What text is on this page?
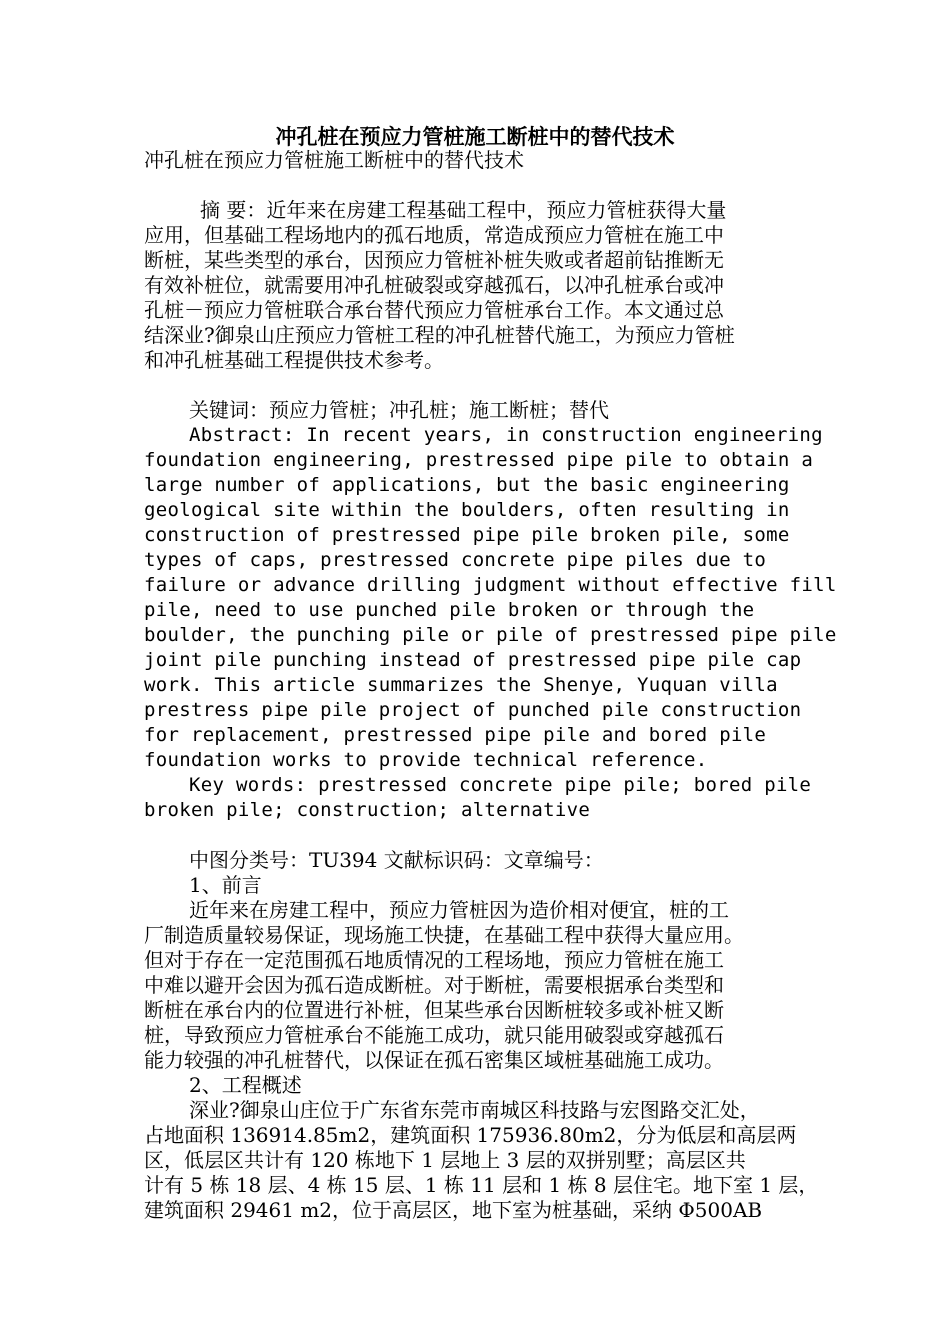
冲孔桩在预应力管桩施工断桩中的替代技术
冲孔桩在预应力管桩施工断桩中的替代技术
摘 要：近年来在房建工程基础工程中，预应力管桩获得大量
应用，但基础工程场地内的孤石地质，常造成预应力管桩在施工中
断桩，某些类型的承台，因预应力管桩补桩失败或者超前钻推断无
有效补桩位，就需要用冲孔桩破裂或穿越孤石，以冲孔桩承台或冲
孔桩－预应力管桩联合承台替代预应力管桩承台工作。本文通过总
结深业?御泉山庄预应力管桩工程的冲孔桩替代施工，为预应力管桩
和冲孔桩基础工程提供技术参考。
关键词：预应力管桩；冲孔桩；施工断桩；替代
Abstract: In recent years, in construction engineering
foundation engineering, prestressed pipe pile to obtain a
large number of applications, but the basic engineering
geological site within the boulders, often resulting in
construction of prestressed pipe pile broken pile, some
types of caps, prestressed concrete pipe piles due to
failure or advance drilling judgment without effective fill
pile, need to use punched pile broken or through the
boulder, the punching pile or pile of prestressed pipe pile
joint pile punching instead of prestressed pipe pile cap
work. This article summarizes the Shenye, Yuquan villa
prestress pipe pile project of punched pile construction
for replacement, prestressed pipe pile and bored pile
foundation works to provide technical reference.
Key words: prestressed concrete pipe pile; bored pile
broken pile; construction; alternative
中图分类号：TU394 文献标识码：文章编号：
1、前言
近年来在房建工程中，预应力管桩因为造价相对便宜，桩的工
厂制造质量较易保证，现场施工快捷，在基础工程中获得大量应用。
但对于存在一定范围孤石地质情况的工程场地，预应力管桩在施工
中难以避开会因为孤石造成断桩。对于断桩，需要根据承台类型和
断桩在承台内的位置进行补桩，但某些承台因断桩较多或补桩又断
桩，导致预应力管桩承台不能施工成功，就只能用破裂或穿越孤石
能力较强的冲孔桩替代，以保证在孤石密集区域桩基础施工成功。
2、工程概述
深业?御泉山庄位于广东省东莞市南城区科技路与宏图路交汇处，
占地面积 136914.85m2，建筑面积 175936.80m2，分为低层和高层两
区，低层区共计有 120 栋地下 1 层地上 3 层的双拼别墅；高层区共
计有 5 栋 18 层、4 栋 15 层、1 栋 11 层和 1 栋 8 层住宅。地下室 1 层，
建筑面积 29461 m2，位于高层区，地下室为桩基础，采纳 Φ500AB
